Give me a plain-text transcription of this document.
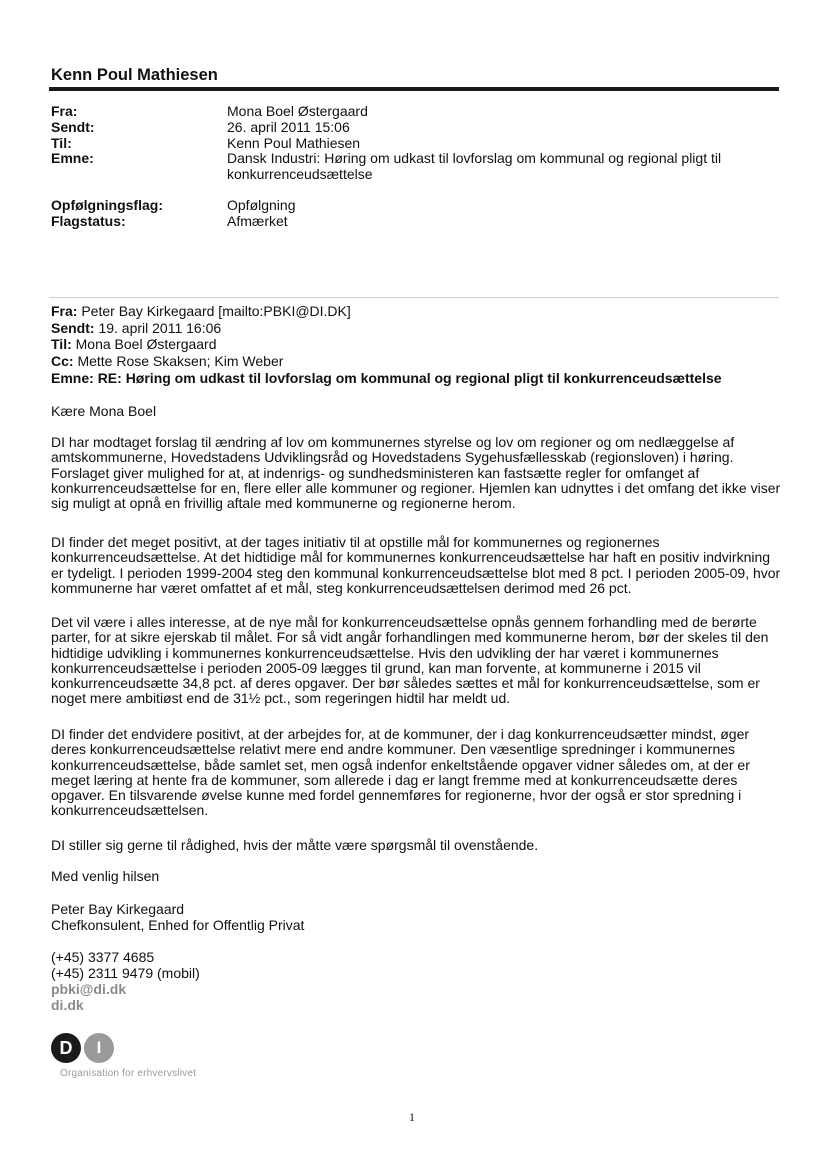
Kenn Poul Mathiesen
Fra:	Mona Boel Østergaard
Sendt:	26. april 2011 15:06
Til:	Kenn Poul Mathiesen
Emne:	Dansk Industri: Høring om udkast til lovforslag om kommunal og regional pligt til konkurrenceudsættelse
Opfølgningsflag:	Opfølgning
Flagstatus:	Afmærket
Fra: Peter Bay Kirkegaard [mailto:PBKI@DI.DK]
Sendt: 19. april 2011 16:06
Til: Mona Boel Østergaard
Cc: Mette Rose Skaksen; Kim Weber
Emne: RE: Høring om udkast til lovforslag om kommunal og regional pligt til konkurrenceudsættelse
Kære Mona Boel
DI har modtaget forslag til ændring af lov om kommunernes styrelse og lov om regioner og om nedlæggelse af amtskommunerne, Hovedstadens Udviklingsråd og Hovedstadens Sygehusfællesskab (regionsloven) i høring. Forslaget giver mulighed for at, at indenrigs- og sundhedsministeren kan fastsætte regler for omfanget af konkurrenceudsættelse for en, flere eller alle kommuner og regioner. Hjemlen kan udnyttes i det omfang det ikke viser sig muligt at opnå en frivillig aftale med kommunerne og regionerne herom.
DI finder det meget positivt, at der tages initiativ til at opstille mål for kommunernes og regionernes konkurrenceudsættelse. At det hidtidige mål for kommunernes konkurrenceudsættelse har haft en positiv indvirkning er tydeligt. I perioden 1999-2004 steg den kommunal konkurrenceudsættelse blot med 8 pct. I perioden 2005-09, hvor kommunerne har været omfattet af et mål, steg konkurrenceudsættelsen derimod med 26 pct.
Det vil være i alles interesse, at de nye mål for konkurrenceudsættelse opnås gennem forhandling med de berørte parter, for at sikre ejerskab til målet. For så vidt angår forhandlingen med kommunerne herom, bør der skeles til den hidtidige udvikling i kommunernes konkurrenceudsættelse. Hvis den udvikling der har været i kommunernes konkurrenceudsættelse i perioden 2005-09 lægges til grund, kan man forvente, at kommunerne i 2015 vil konkurrenceudsætte 34,8 pct. af deres opgaver. Der bør således sættes et mål for konkurrenceudsættelse, som er noget mere ambitiøst end de 31½ pct., som regeringen hidtil har meldt ud.
DI finder det endvidere positivt, at der arbejdes for, at de kommuner, der i dag konkurrenceudsætter mindst, øger deres konkurrenceudsættelse relativt mere end andre kommuner. Den væsentlige spredninger i kommunernes konkurrenceudsættelse, både samlet set, men også indenfor enkeltstående opgaver vidner således om, at der er meget læring at hente fra de kommuner, som allerede i dag er langt fremme med at konkurrenceudsætte deres opgaver. En tilsvarende øvelse kunne med fordel gennemføres for regionerne, hvor der også er stor spredning i konkurrenceudsættelsen.
DI stiller sig gerne til rådighed, hvis der måtte være spørgsmål til ovenstående.
Med venlig hilsen
Peter Bay Kirkegaard
Chefkonsulent, Enhed for Offentlig Privat
(+45) 3377 4685
(+45) 2311 9479 (mobil)
pbki@di.dk
di.dk
D	I
Organisation for erhvervslivet
1
